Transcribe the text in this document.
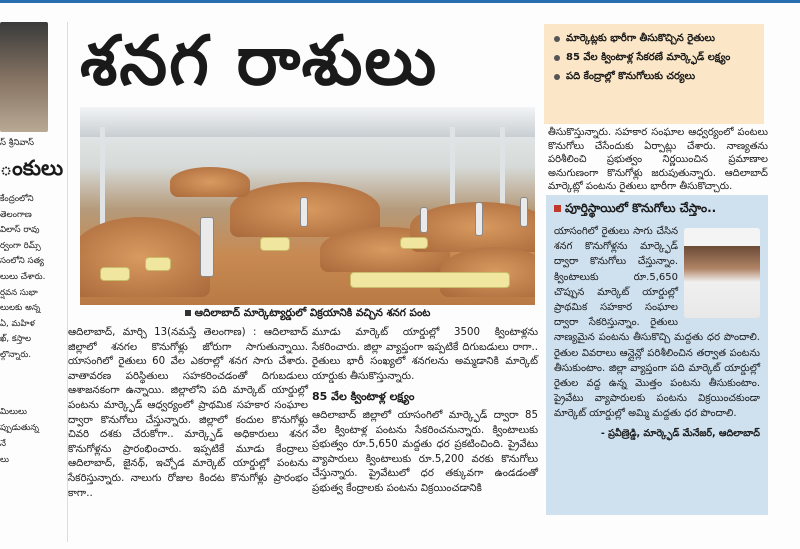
స్ శ్రీనివాస్
ంకులు
కేంద్రంలోని
తెలంగాణ
విలాస్ రావు
ర్వంగా రిమ్స్
సంలోని సత్య
లులు చేశారు.
ర్షవన సుభా
లులకు అన్న
ఏ, మహిళ
ఖ్, కస్తాల
ల్గొన్నారు.
మిలులు
ప్పుడుతున్న
నే
లు
శనగ రాశులు	మార్కెట్లకు భారీగా తీసుకొచ్చిన రైతులు
85 వేల క్వింటాళ్ల సేకరణే మార్క్ఫెడ్ లక్ష్యం
పది కేంద్రాల్లో కొనుగోలుకు చర్యలు
ఆదిలాబాద్ మార్కెట్యార్డులో విక్రయానికి వచ్చిన శనగ పంట
ఆదిలాబాద్, మార్చి 13(నమస్తే తెలంగాణ) : ఆదిలాబాద్ జిల్లాలో శనగల కొనుగోళ్లు జోరుగా సాగుతున్నాయి. యాసంగిలో రైతులు 60 వేల ఎకరాల్లో శనగ సాగు చేశారు. వాతావరణ పరిస్థితులు సహకరించడంతో దిగుబడులు ఆశాజనకంగా ఉన్నాయి. జిల్లాలోని పది మార్కెట్ యార్డుల్లో పంటను మార్క్ఫెడ్ ఆధ్వర్యంలో ప్రాథమిక సహకార సంఘాల ద్వారా కొనుగోలు చేస్తున్నారు. జిల్లాలో కందుల కొనుగోళ్లు చివరి దశకు చేరుకోగా.. మార్క్ఫెడ్ అధికారులు శనగ కొనుగోళ్లను ప్రారంభించారు. ఇప్పటికే మూడు కేంద్రాలు ఆదిలాబాద్, జైనథ్, ఇచ్చోడ మార్కెట్ యార్డుల్లో పంటను సేకరిస్తున్నారు. నాలుగు రోజుల కిందట కొనుగోళ్లు ప్రారంభం కాగా..
మూడు మార్కెట్ యార్డుల్లో 3500 క్వింటాళ్లను సేకరించారు. జిల్లా వ్యాప్తంగా ఇప్పటికే దిగుబడులు రాగా.. రైతులు భారీ సంఖ్యలో శనగలను అమ్మడానికి మార్కెట్ యార్డుకు తీసుకొస్తున్నారు.
85 వేల క్వింటాళ్ల లక్ష్యం
ఆదిలాబాద్ జిల్లాలో యాసంగిలో మార్క్ఫెడ్ ద్వారా 85 వేల క్వింటాళ్ల పంటను సేకరించనున్నారు. క్వింటాలుకు ప్రభుత్వం రూ.5,650 మద్దతు ధర ప్రకటించింది. ప్రైవేటు వ్యాపారులు క్వింటాలుకు రూ.5,200 వరకు కొనుగోలు చేస్తున్నారు. ప్రైవేటులో ధర తక్కువగా ఉండడంతో ప్రభుత్వ కేంద్రాలకు పంటను విక్రయించడానికి
తీసుకొస్తున్నారు. సహకార సంఘాల ఆధ్వర్యంలో పంటలు కొనుగోలు చేసేందుకు ఏర్పాట్లు చేశారు. నాణ్యతను పరిశీలించి ప్రభుత్వం నిర్ణయించిన ప్రమాణాల అనుగుణంగా కొనుగోళ్లు జరుపుతున్నారు. ఆదిలాబాద్ మార్కెట్లో పంటను రైతులు భారీగా తీసుకొచ్చారు.
పూర్తిస్థాయిలో కొనుగోలు చేస్తాం..
యాసంగిలో రైతులు సాగు చేసిన శనగ కొనుగోళ్లను మార్క్ఫెడ్ ద్వారా కొనుగోలు చేస్తున్నాం. క్వింటాలుకు రూ.5,650 చొప్పున మార్కెట్ యార్డుల్లో ప్రాథమిక సహకార సంఘాల ద్వారా సేకరిస్తున్నాం. రైతులు నాణ్యమైన పంటను తీసుకొచ్చి మద్దతు ధర పొందాలి. రైతుల వివరాలు ఆన్లైన్లో పరిశీలించిన తర్వాత పంటను తీసుకుంటాం. జిల్లా వ్యాప్తంగా పది మార్కెట్ యార్డుల్లో రైతుల వద్ద ఉన్న మొత్తం పంటను తీసుకుంటాం. ప్రైవేటు వ్యాపారులకు పంటను విక్రయించకుండా మార్కెట్ యార్డుల్లో అమ్మి మద్దతు ధర పొందాలి.
- ప్రవీణ్రెడ్డి, మార్క్ఫెడ్ మేనేజర్, ఆదిలాబాద్
